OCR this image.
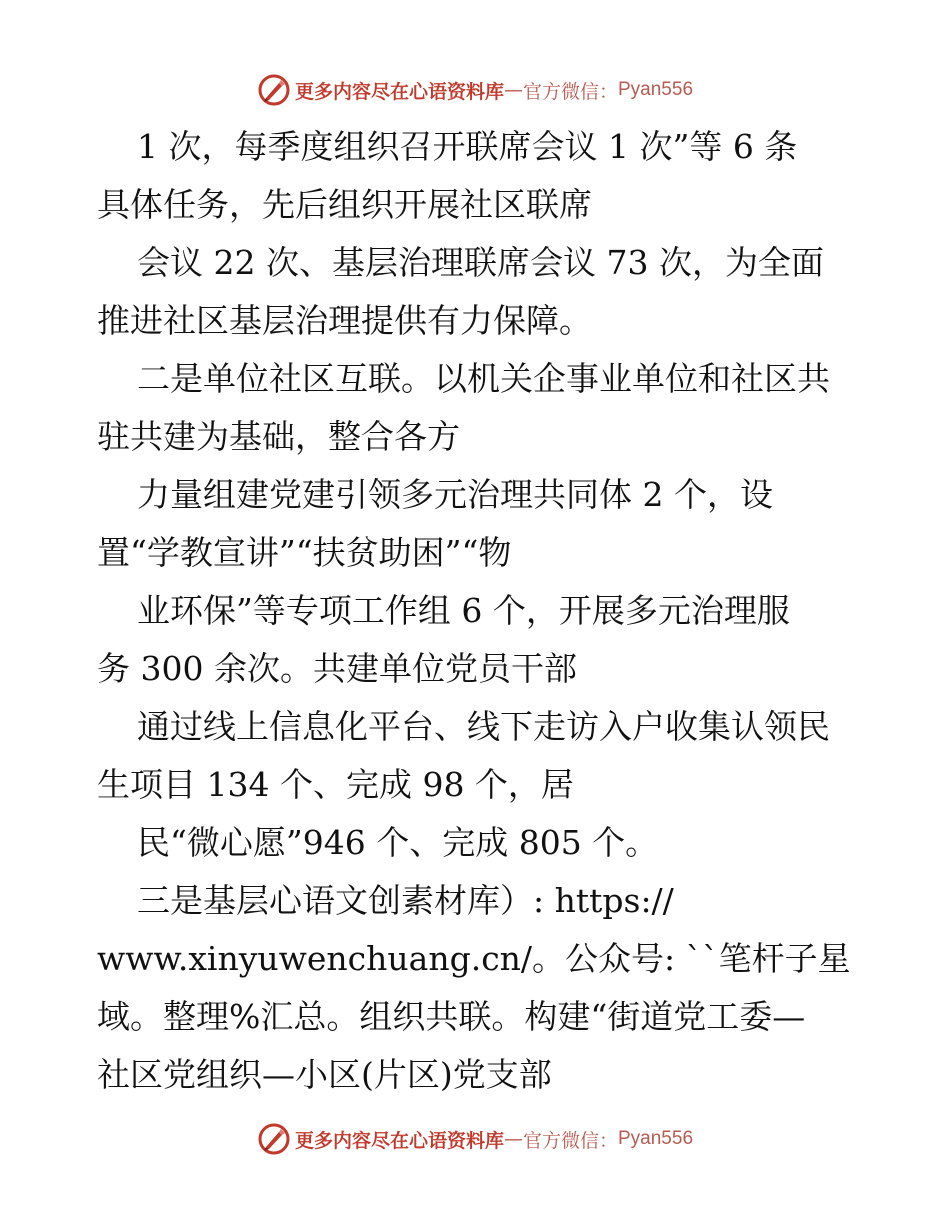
更多内容尽在心语资料库 — 官方微信： Pyan556
1 次，每季度组织召开联席会议 1 次”等 6 条
具体任务，先后组织开展社区联席
会议 22 次、基层治理联席会议 73 次，为全面
推进社区基层治理提供有力保障。
二是单位社区互联。以机关企事业单位和社区共
驻共建为基础，整合各方
力量组建党建引领多元治理共同体 2 个，设
置“学教宣讲”“扶贫助困”“物
业环保”等专项工作组 6 个，开展多元治理服
务 300 余次。共建单位党员干部
通过线上信息化平台、线下走访入户收集认领民
生项目 134 个、完成 98 个，居
民“微心愿”946 个、完成 805 个。
三是基层心语文创素材库）: https://
www.xinyuwenchuang.cn/。公众号: ``笔杆子星
域。整理%汇总。组织共联。构建“街道党工委—
社区党组织—小区(片区)党支部
更多内容尽在心语资料库 — 官方微信： Pyan556
